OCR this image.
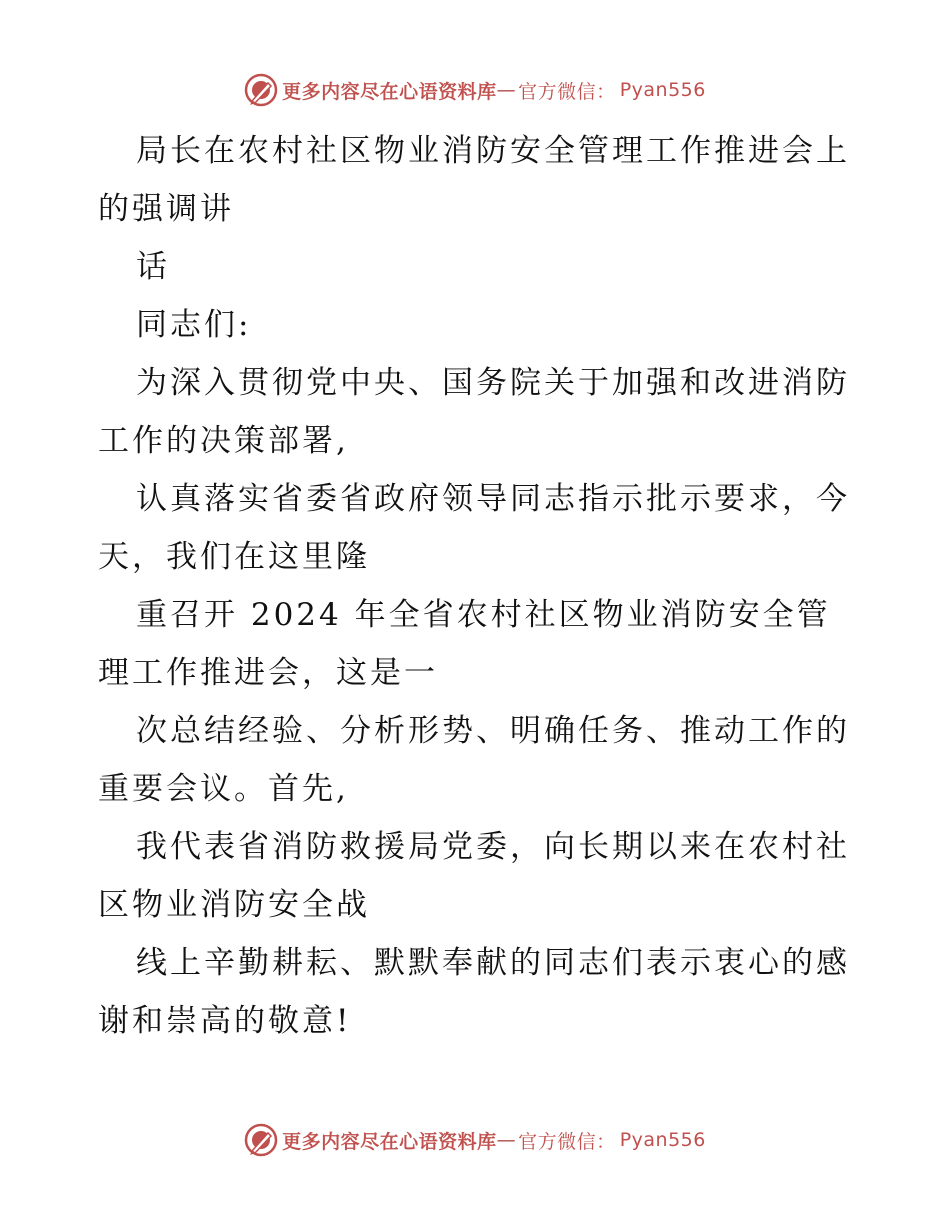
更多内容尽在心语资料库 — 官方微信： Pyan556

局长在农村社区物业消防安全管理工作推进会上的强调讲

话

同志们:

为深入贯彻党中央、国务院关于加强和改进消防工作的决策部署,

认真落实省委省政府领导同志指示批示要求，今天，我们在这里隆

重召开 2024 年全省农村社区物业消防安全管理工作推进会，这是一

次总结经验、分析形势、明确任务、推动工作的重要会议。首先,

我代表省消防救援局党委，向长期以来在农村社区物业消防安全战

线上辛勤耕耘、默默奉献的同志们表示衷心的感谢和崇高的敬意!

更多内容尽在心语资料库 — 官方微信： Pyan556
